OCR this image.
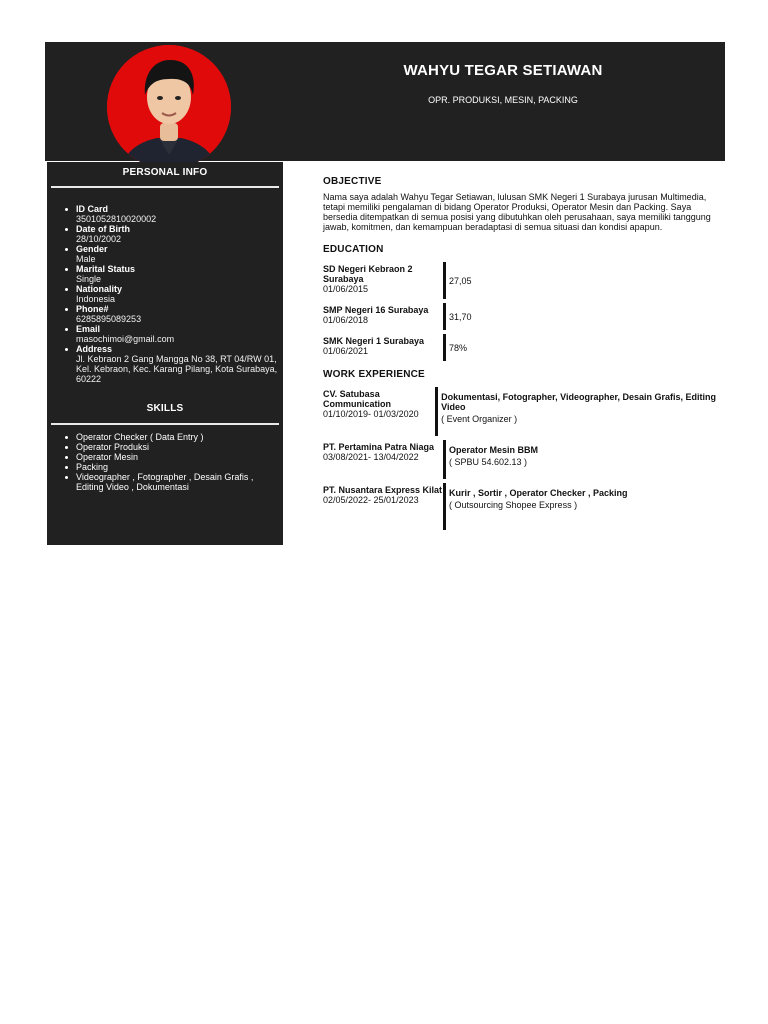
WAHYU TEGAR SETIAWAN
OPR. PRODUKSI, MESIN, PACKING
PERSONAL INFO
ID Card
3501052810020002
Date of Birth
28/10/2002
Gender
Male
Marital Status
Single
Nationality
Indonesia
Phone#
6285895089253
Email
masochimoi@gmail.com
Address
Jl. Kebraon 2 Gang Mangga No 38, RT 04/RW 01, Kel. Kebraon, Kec. Karang Pilang, Kota Surabaya, 60222
SKILLS
Operator Checker ( Data Entry )
Operator Produksi
Operator Mesin
Packing
Videographer , Fotographer , Desain Grafis , Editing Video , Dokumentasi
OBJECTIVE
Nama saya adalah Wahyu Tegar Setiawan, lulusan SMK Negeri 1 Surabaya jurusan Multimedia, tetapi memiliki pengalaman di bidang Operator Produksi, Operator Mesin dan Packing. Saya bersedia ditempatkan di semua posisi yang dibutuhkan oleh perusahaan, saya memiliki tanggung jawab, komitmen, dan kemampuan beradaptasi di semua situasi dan kondisi apapun.
EDUCATION
SD Negeri Kebraon 2 Surabaya
01/06/2015
27,05
SMP Negeri 16 Surabaya
01/06/2018	31,70
SMK Negeri 1 Surabaya
01/06/2021	78%
WORK EXPERIENCE
CV. Satubasa Communication
01/10/2019- 01/03/2020
Dokumentasi, Fotographer, Videographer, Desain Grafis, Editing Video
( Event Organizer )
PT. Pertamina Patra Niaga
03/08/2021- 13/04/2022
Operator Mesin BBM
( SPBU 54.602.13 )
PT. Nusantara Express Kilat
02/05/2022- 25/01/2023
Kurir , Sortir , Operator Checker , Packing
( Outsourcing Shopee Express )
